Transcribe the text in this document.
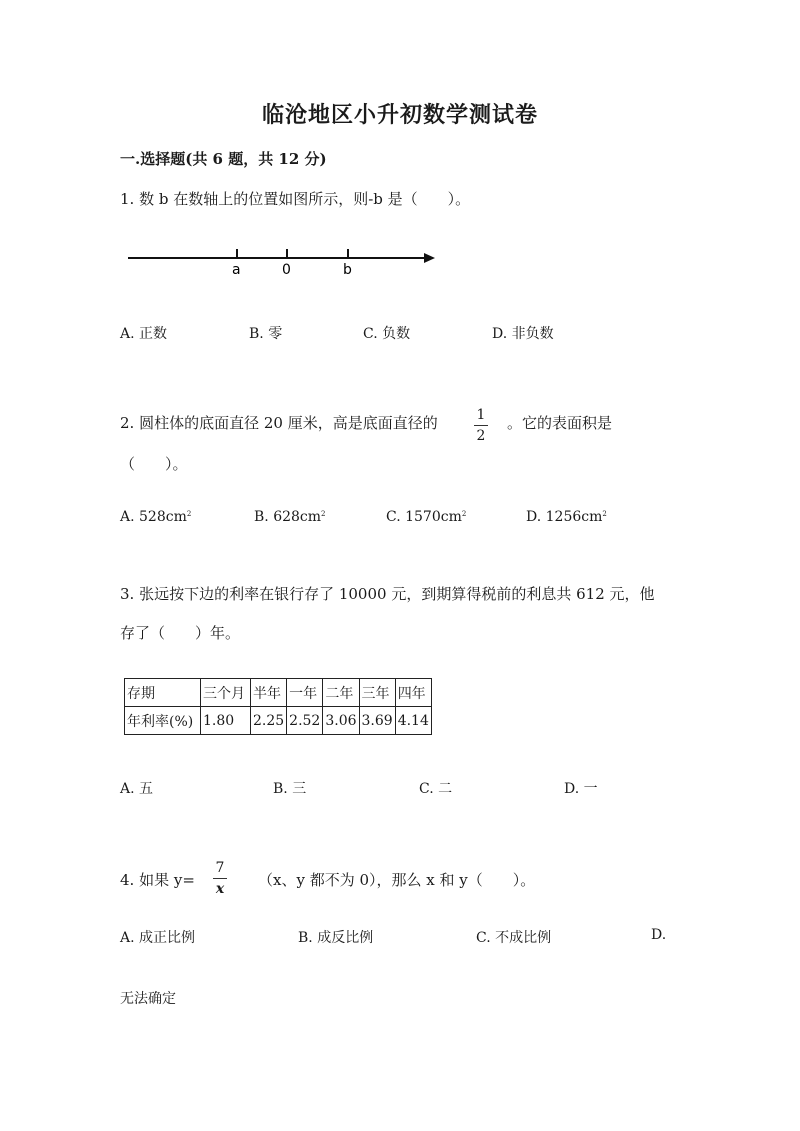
临沧地区小升初数学测试卷
一.选择题(共 6 题，共 12 分)
1. 数 b 在数轴上的位置如图所示，则-b 是（　　）。
a	0	b
A. 正数	B. 零	C. 负数	D. 非负数
2. 圆柱体的底面直径 20 厘米，高是底面直径的	1
2
。它的表面积是
（　　）。
A. $528cm^2$	B. $628cm^2$	C. $1570cm^2$	D. $1256cm^2$
3. 张远按下边的利率在银行存了 10000 元，到期算得税前的利息共 612 元，他
存了（　　）年。
存期	三个月	半年	一年	二年	三年	四年
年利率(%)	1.80	2.25	2.52	3.06	3.69	4.14
A. 五	B. 三	C. 二	D. 一
4. 如果 y=
7
x （x、y 都不为 0），那么 x 和 y（　　）。
A. 成正比例	B. 成反比例	C. 不成比例	D.
无法确定
